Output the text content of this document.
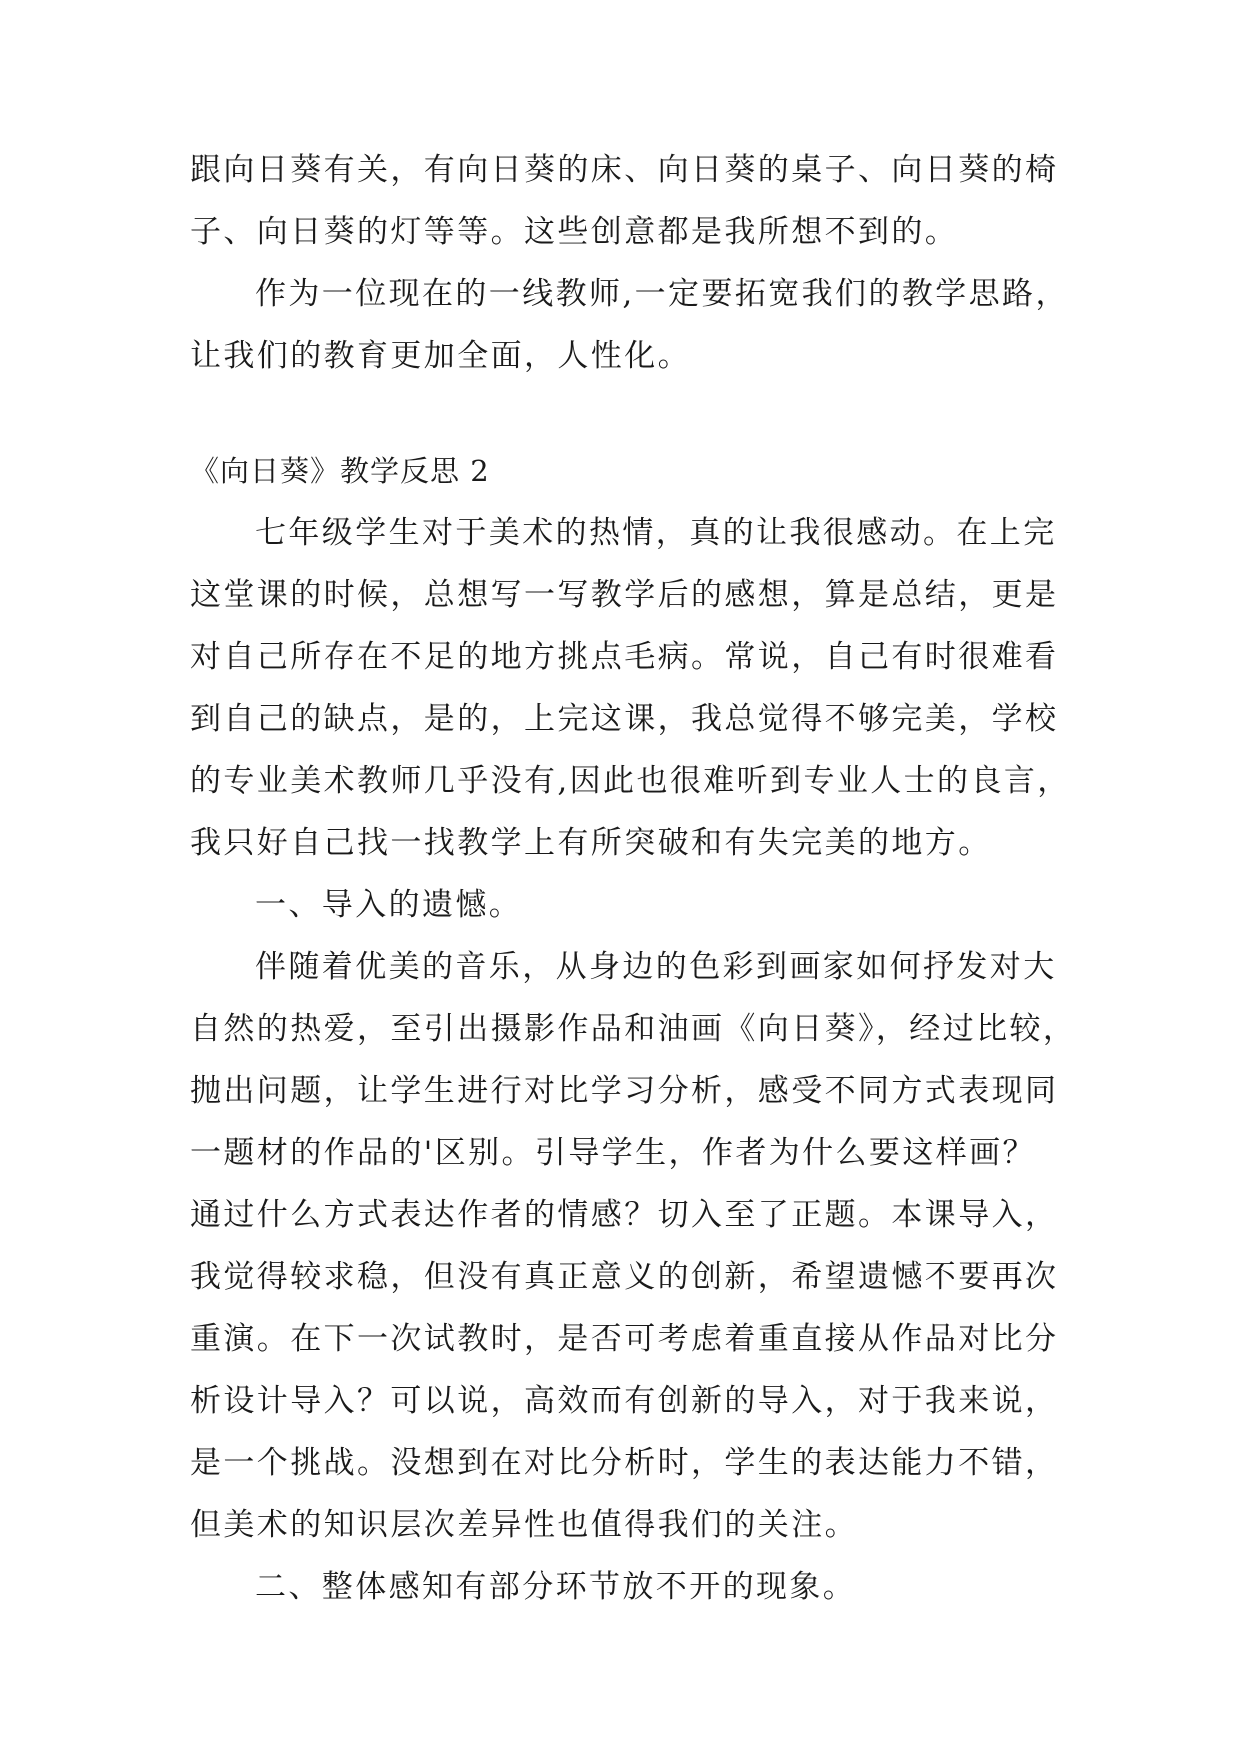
跟向日葵有关，有向日葵的床、向日葵的桌子、向日葵的椅
子、向日葵的灯等等。这些创意都是我所想不到的。
作为一位现在的一线教师,一定要拓宽我们的教学思路，
让我们的教育更加全面，人性化。
《向日葵》教学反思 2
七年级学生对于美术的热情，真的让我很感动。在上完
这堂课的时候，总想写一写教学后的感想，算是总结，更是
对自己所存在不足的地方挑点毛病。常说，自己有时很难看
到自己的缺点，是的，上完这课，我总觉得不够完美，学校
的专业美术教师几乎没有,因此也很难听到专业人士的良言，
我只好自己找一找教学上有所突破和有失完美的地方。
一、导入的遗憾。
伴随着优美的音乐，从身边的色彩到画家如何抒发对大
自然的热爱，至引出摄影作品和油画《向日葵》，经过比较，
抛出问题，让学生进行对比学习分析，感受不同方式表现同
一题材的作品的'区别。引导学生，作者为什么要这样画？
通过什么方式表达作者的情感？切入至了正题。本课导入，
我觉得较求稳，但没有真正意义的创新，希望遗憾不要再次
重演。在下一次试教时，是否可考虑着重直接从作品对比分
析设计导入？可以说，高效而有创新的导入，对于我来说，
是一个挑战。没想到在对比分析时，学生的表达能力不错，
但美术的知识层次差异性也值得我们的关注。
二、整体感知有部分环节放不开的现象。
